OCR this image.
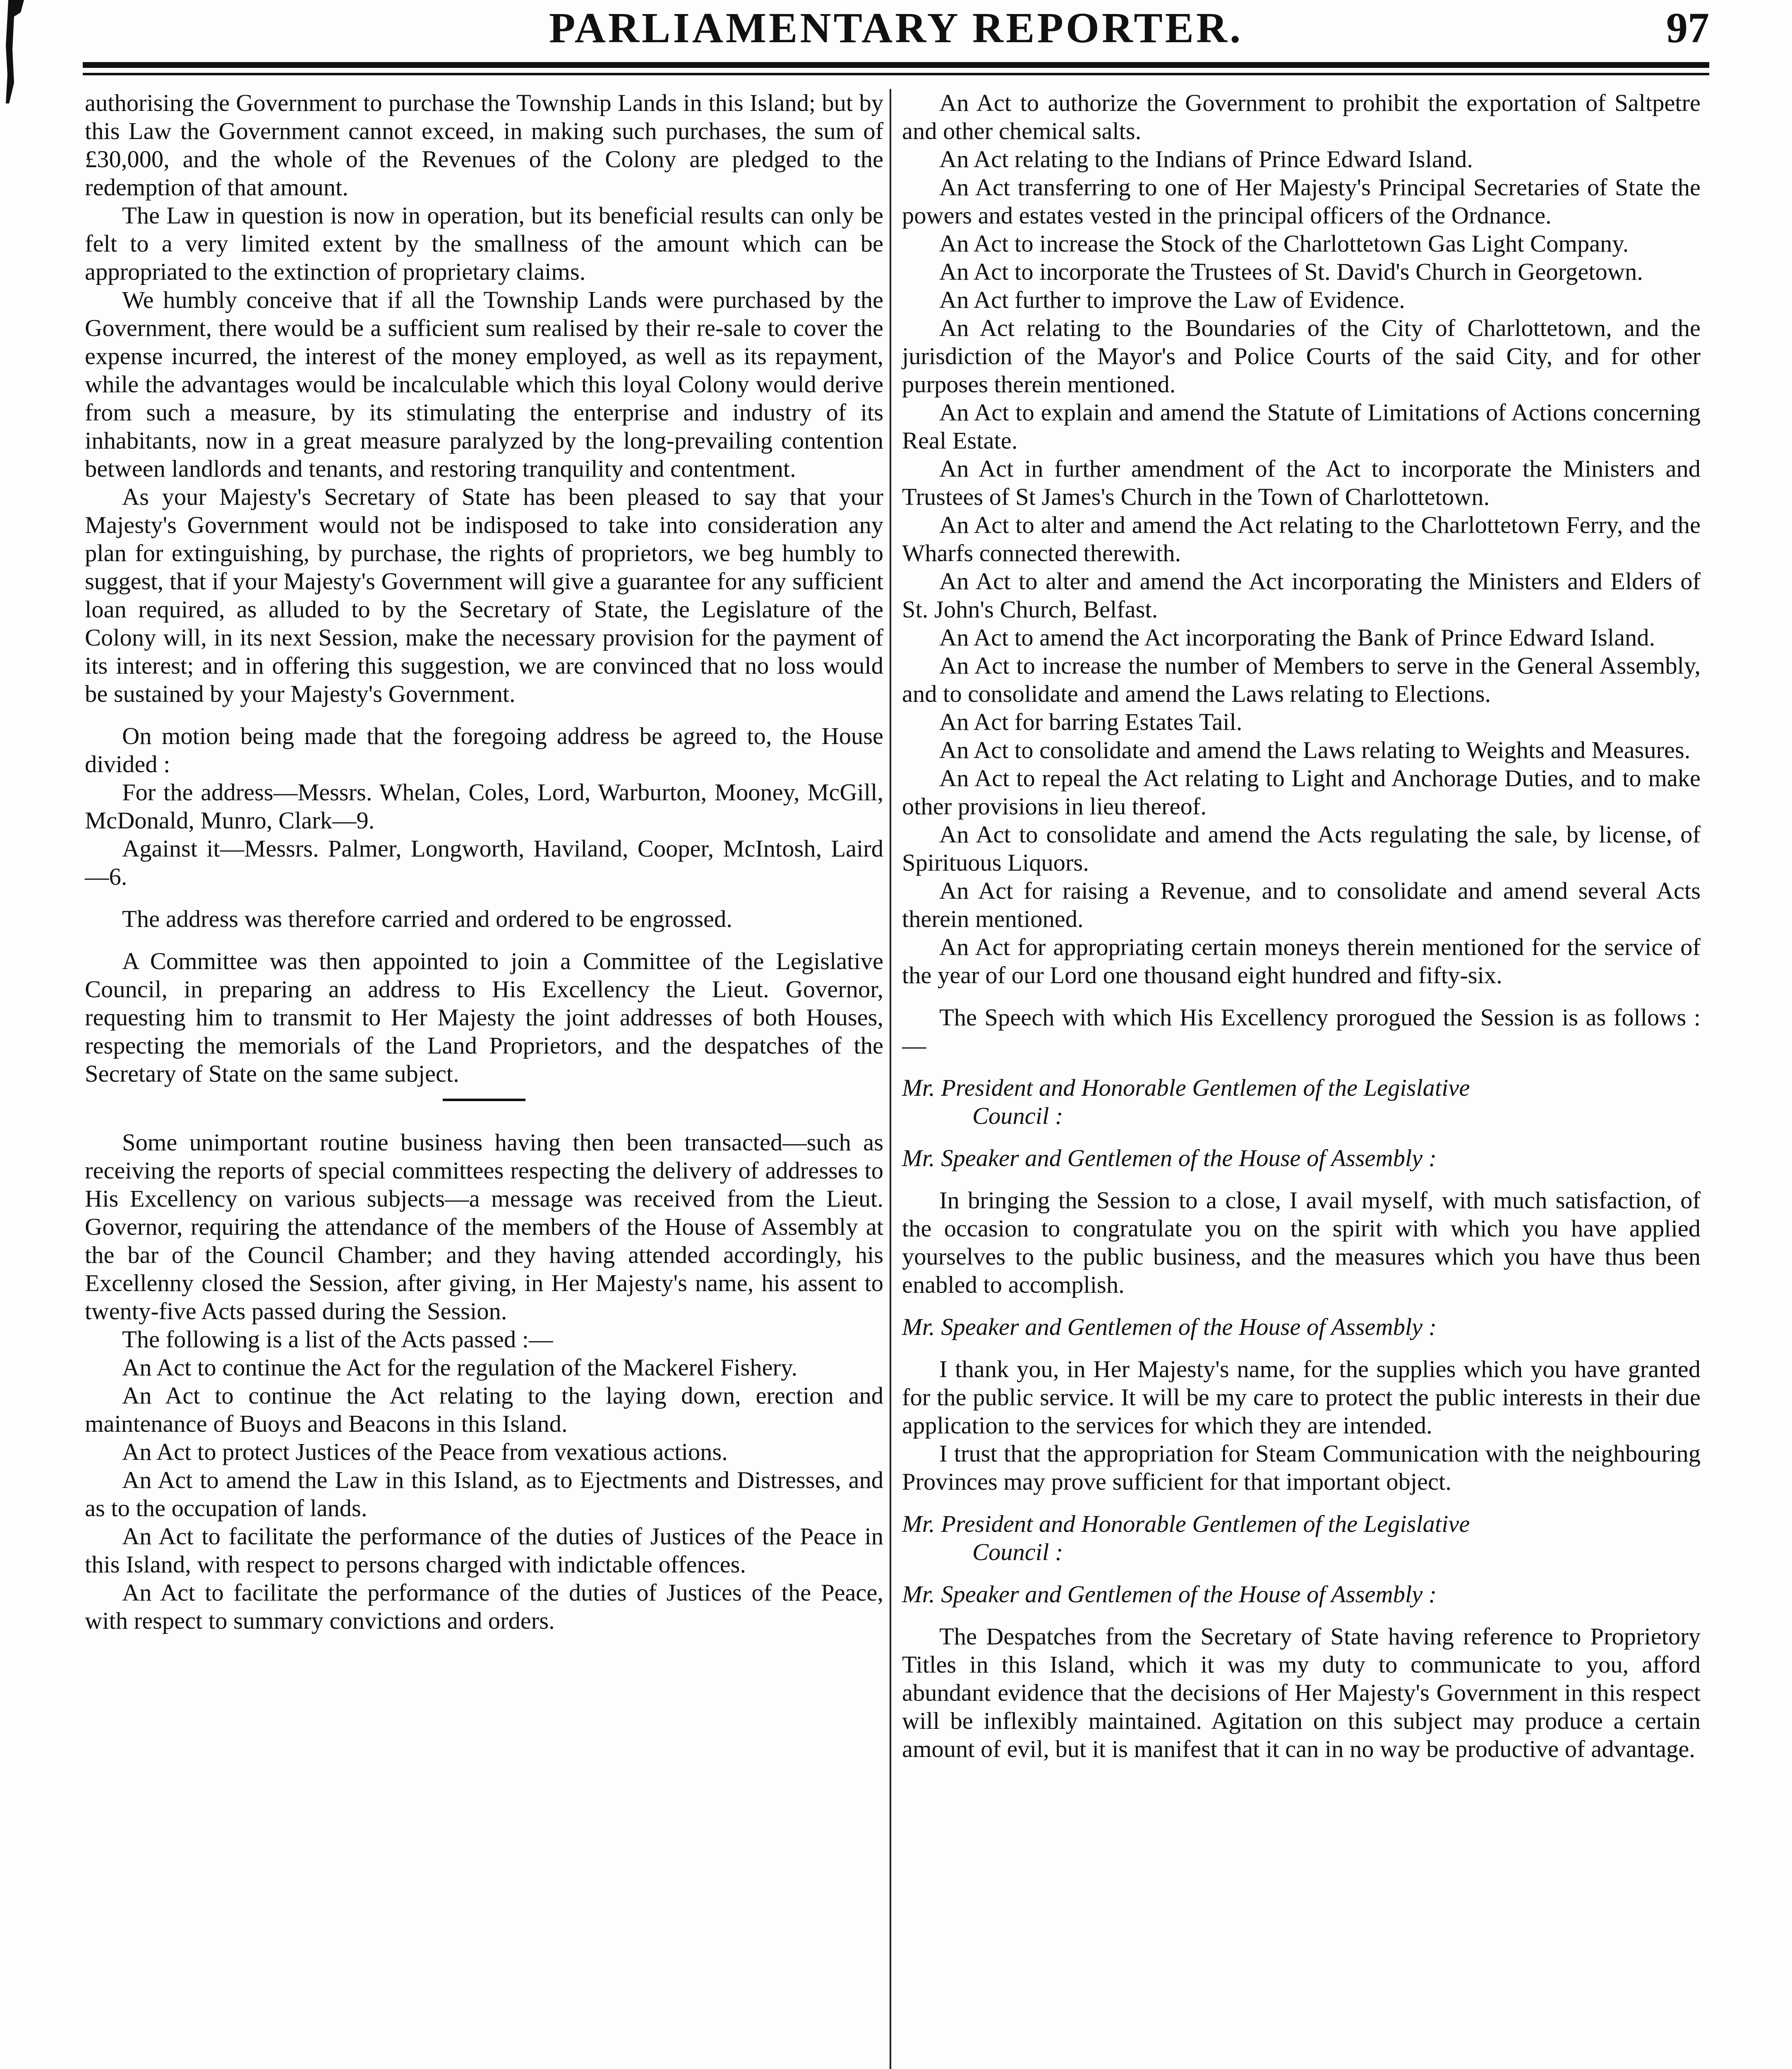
PARLIAMENTARY REPORTER.	97

authorising the Government to purchase the Township Lands in this Island; but by this Law the Government cannot exceed, in making such purchases, the sum of £30,000, and the whole of the Revenues of the Colony are pledged to the redemption of that amount.

The Law in question is now in operation, but its beneficial results can only be felt to a very limited extent by the smallness of the amount which can be appropriated to the extinction of proprietary claims.

We humbly conceive that if all the Township Lands were purchased by the Government, there would be a sufficient sum realised by their re-sale to cover the expense incurred, the interest of the money employed, as well as its repayment, while the advantages would be incalculable which this loyal Colony would derive from such a measure, by its stimulating the enterprise and industry of its inhabitants, now in a great measure paralyzed by the long-prevailing contention between landlords and tenants, and restoring tranquility and contentment.

As your Majesty's Secretary of State has been pleased to say that your Majesty's Government would not be indisposed to take into consideration any plan for extinguishing, by purchase, the rights of proprietors, we beg humbly to suggest, that if your Majesty's Government will give a guarantee for any sufficient loan required, as alluded to by the Secretary of State, the Legislature of the Colony will, in its next Session, make the necessary provision for the payment of its interest; and in offering this suggestion, we are convinced that no loss would be sustained by your Majesty's Government.

On motion being made that the foregoing address be agreed to, the House divided :

For the address—Messrs. Whelan, Coles, Lord, Warburton, Mooney, McGill, McDonald, Munro, Clark—9.

Against it—Messrs. Palmer, Longworth, Haviland, Cooper, McIntosh, Laird—6.

The address was therefore carried and ordered to be engrossed.

A Committee was then appointed to join a Committee of the Legislative Council, in preparing an address to His Excellency the Lieut. Governor, requesting him to transmit to Her Majesty the joint addresses of both Houses, respecting the memorials of the Land Proprietors, and the despatches of the Secretary of State on the same subject.

Some unimportant routine business having then been transacted—such as receiving the reports of special committees respecting the delivery of addresses to His Excellency on various subjects—a message was received from the Lieut. Governor, requiring the attendance of the members of the House of Assembly at the bar of the Council Chamber; and they having attended accordingly, his Excellenny closed the Session, after giving, in Her Majesty's name, his assent to twenty-five Acts passed during the Session.

The following is a list of the Acts passed :—

An Act to continue the Act for the regulation of the Mackerel Fishery.

An Act to continue the Act relating to the laying down, erection and maintenance of Buoys and Beacons in this Island.

An Act to protect Justices of the Peace from vexatious actions.

An Act to amend the Law in this Island, as to Ejectments and Distresses, and as to the occupation of lands.

An Act to facilitate the performance of the duties of Justices of the Peace in this Island, with respect to persons charged with indictable offences.

An Act to facilitate the performance of the duties of Justices of the Peace, with respect to summary convictions and orders.

An Act to authorize the Government to prohibit the exportation of Saltpetre and other chemical salts.

An Act relating to the Indians of Prince Edward Island.

An Act transferring to one of Her Majesty's Principal Secretaries of State the powers and estates vested in the principal officers of the Ordnance.

An Act to increase the Stock of the Charlottetown Gas Light Company.

An Act to incorporate the Trustees of St. David's Church in Georgetown.

An Act further to improve the Law of Evidence.

An Act relating to the Boundaries of the City of Charlottetown, and the jurisdiction of the Mayor's and Police Courts of the said City, and for other purposes therein mentioned.

An Act to explain and amend the Statute of Limitations of Actions concerning Real Estate.

An Act in further amendment of the Act to incorporate the Ministers and Trustees of St James's Church in the Town of Charlottetown.

An Act to alter and amend the Act relating to the Charlottetown Ferry, and the Wharfs connected therewith.

An Act to alter and amend the Act incorporating the Ministers and Elders of St. John's Church, Belfast.

An Act to amend the Act incorporating the Bank of Prince Edward Island.

An Act to increase the number of Members to serve in the General Assembly, and to consolidate and amend the Laws relating to Elections.

An Act for barring Estates Tail.

An Act to consolidate and amend the Laws relating to Weights and Measures.

An Act to repeal the Act relating to Light and Anchorage Duties, and to make other provisions in lieu thereof.

An Act to consolidate and amend the Acts regulating the sale, by license, of Spirituous Liquors.

An Act for raising a Revenue, and to consolidate and amend several Acts therein mentioned.

An Act for appropriating certain moneys therein mentioned for the service of the year of our Lord one thousand eight hundred and fifty-six.

The Speech with which His Excellency prorogued the Session is as follows :—

Mr. President and Honorable Gentlemen of the Legislative

Council :

Mr. Speaker and Gentlemen of the House of Assembly :

In bringing the Session to a close, I avail myself, with much satisfaction, of the occasion to congratulate you on the spirit with which you have applied yourselves to the public business, and the measures which you have thus been enabled to accomplish.

Mr. Speaker and Gentlemen of the House of Assembly :

I thank you, in Her Majesty's name, for the supplies which you have granted for the public service. It will be my care to protect the public interests in their due application to the services for which they are intended.

I trust that the appropriation for Steam Communication with the neighbouring Provinces may prove sufficient for that important object.

Mr. President and Honorable Gentlemen of the Legislative

Council :

Mr. Speaker and Gentlemen of the House of Assembly :

The Despatches from the Secretary of State having reference to Proprietory Titles in this Island, which it was my duty to communicate to you, afford abundant evidence that the decisions of Her Majesty's Government in this respect will be inflexibly maintained. Agitation on this subject may produce a certain amount of evil, but it is manifest that it can in no way be productive of advantage.
